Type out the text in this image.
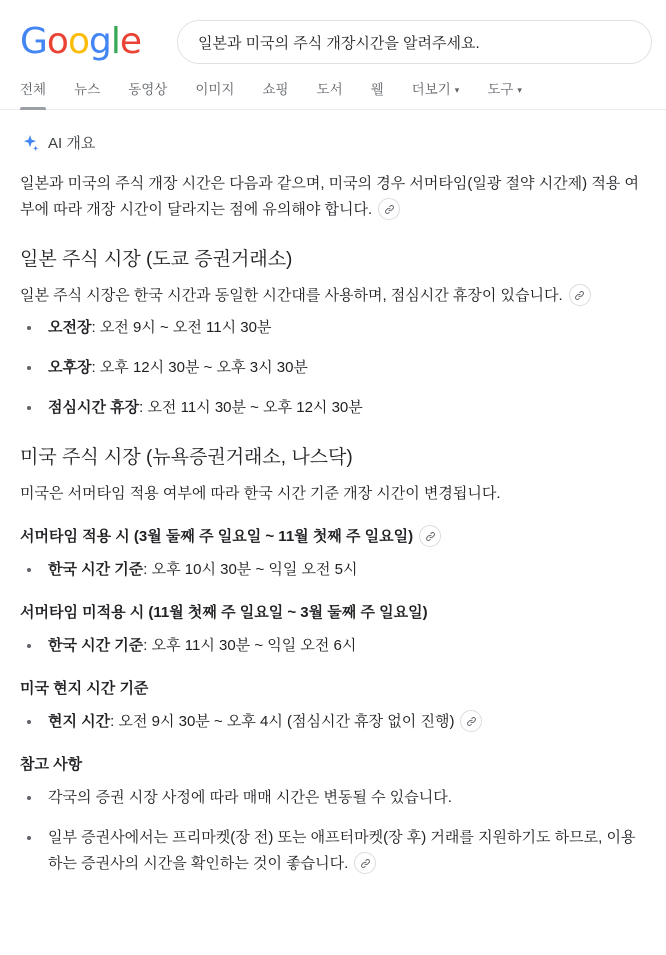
Google
일본과 미국의 주식 개장시간을 알려주세요.
전체	뉴스	동영상	이미지	쇼핑	도서	웰	더보기 ▾	도구 ▾
AI 개요

일본과 미국의 주식 개장 시간은 다음과 같으며, 미국의 경우 서머타임(일광 절약 시간제) 적용 여부에 따라 개장 시간이 달라지는 점에 유의해야 합니다.

일본 주식 시장 (도쿄 증권거래소)

일본 주식 시장은 한국 시간과 동일한 시간대를 사용하며, 점심시간 휴장이 있습니다.

• 오전장: 오전 9시 ~ 오전 11시 30분
• 오후장: 오후 12시 30분 ~ 오후 3시 30분
• 점심시간 휴장: 오전 11시 30분 ~ 오후 12시 30분
미국 주식 시장 (뉴욕증권거래소, 나스닥)

미국은 서머타임 적용 여부에 따라 한국 시간 기준 개장 시간이 변경됩니다.

서머타임 적용 시 (3월 둘째 주 일요일 ~ 11월 첫째 주 일요일)
• 한국 시간 기준: 오후 10시 30분 ~ 익일 오전 5시
서머타임 미적용 시 (11월 첫째 주 일요일 ~ 3월 둘째 주 일요일)
• 한국 시간 기준: 오후 11시 30분 ~ 익일 오전 6시
미국 현지 시간 기준
• 현지 시간: 오전 9시 30분 ~ 오후 4시 (점심시간 휴장 없이 진행)
참고 사항
• 각국의 증권 시장 사정에 따라 매매 시간은 변동될 수 있습니다.
• 일부 증권사에서는 프리마켓(장 전) 또는 애프터마켓(장 후) 거래를 지원하기도 하므로, 이용하는 증권사의 시간을 확인하는 것이 좋습니다.
